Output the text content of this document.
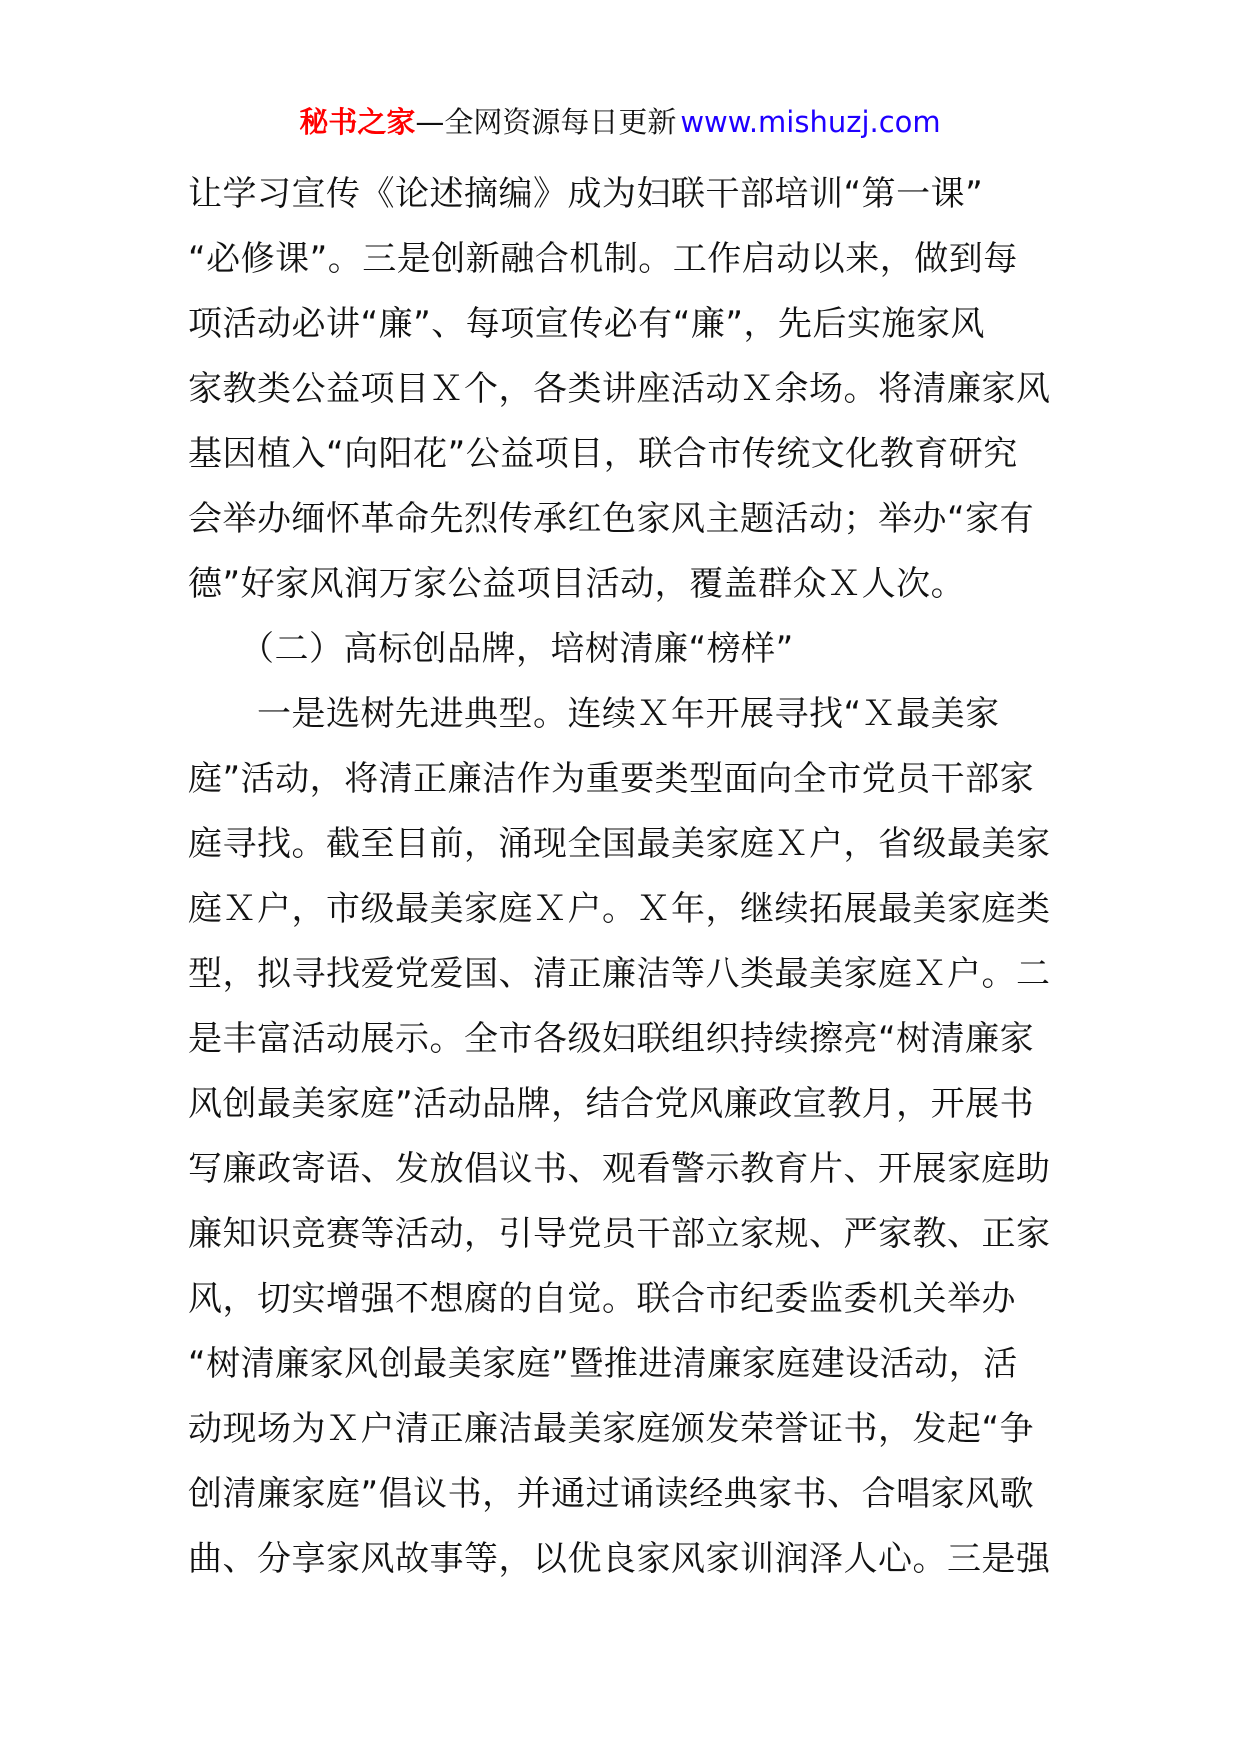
秘书之家—全网资源每日更新 www.mishuzj.com
让学习宣传《论述摘编》成为妇联干部培训“第一课”
“必修课”。三是创新融合机制。工作启动以来，做到每
项活动必讲“廉”、每项宣传必有“廉”，先后实施家风
家教类公益项目Ｘ个，各类讲座活动Ｘ余场。将清廉家风
基因植入“向阳花”公益项目，联合市传统文化教育研究
会举办缅怀革命先烈传承红色家风主题活动；举办“家有
德”好家风润万家公益项目活动，覆盖群众Ｘ人次。
　　（二）高标创品牌，培树清廉“榜样”
　　一是选树先进典型。连续Ｘ年开展寻找“Ｘ最美家
庭”活动，将清正廉洁作为重要类型面向全市党员干部家
庭寻找。截至目前，涌现全国最美家庭Ｘ户，省级最美家
庭Ｘ户，市级最美家庭Ｘ户。Ｘ年，继续拓展最美家庭类
型，拟寻找爱党爱国、清正廉洁等八类最美家庭Ｘ户。二
是丰富活动展示。全市各级妇联组织持续擦亮“树清廉家
风创最美家庭”活动品牌，结合党风廉政宣教月，开展书
写廉政寄语、发放倡议书、观看警示教育片、开展家庭助
廉知识竞赛等活动，引导党员干部立家规、严家教、正家
风，切实增强不想腐的自觉。联合市纪委监委机关举办
“树清廉家风创最美家庭”暨推进清廉家庭建设活动，活
动现场为Ｘ户清正廉洁最美家庭颁发荣誉证书，发起“争
创清廉家庭”倡议书，并通过诵读经典家书、合唱家风歌
曲、分享家风故事等，以优良家风家训润泽人心。三是强
